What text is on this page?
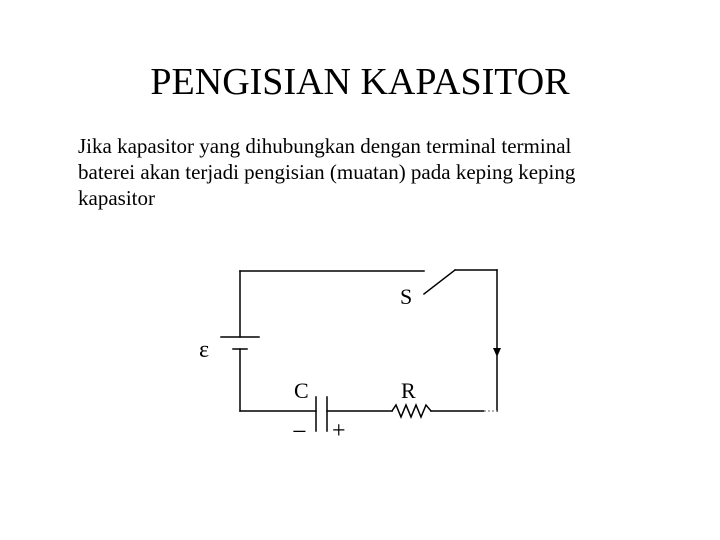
PENGISIAN KAPASITOR
Jika kapasitor yang dihubungkan dengan terminal terminal
baterei akan terjadi pengisian (muatan) pada keping keping
kapasitor
S
ε
C	R
− +
